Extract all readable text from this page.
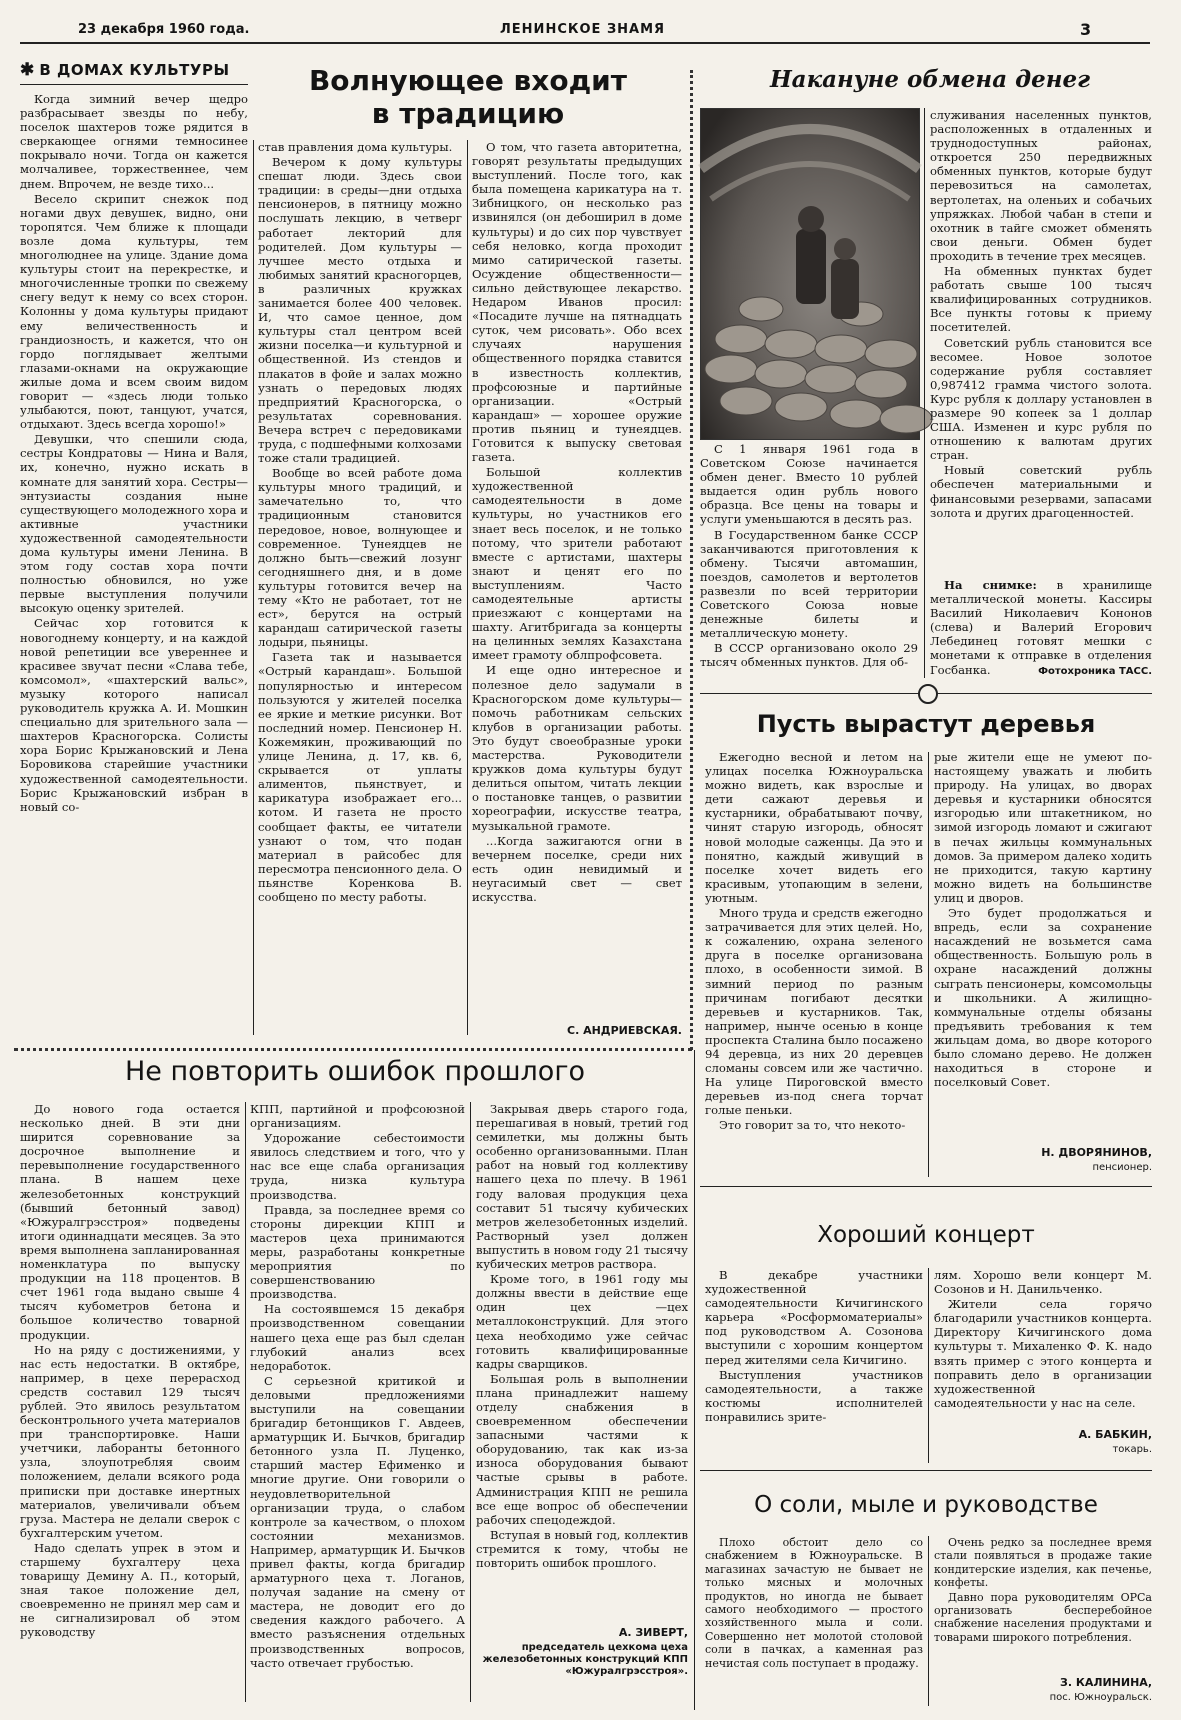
23 декабря 1960 года.	ЛЕНИНСКОЕ ЗНАМЯ	3
✱ В ДОМАХ КУЛЬТУРЫ	Волнующее входит
в традицию

Когда зимний вечер щедро разбрасывает звезды по небу, поселок шахтеров тоже рядится в сверкающее огнями темносинее покрывало ночи. Тогда он кажется молчаливее, торжественнее, чем днем. Впрочем, не везде тихо...

Весело скрипит снежок под ногами двух девушек, видно, они торопятся. Чем ближе к площади возле дома культуры, тем многолюднее на улице. Здание дома культуры стоит на перекрестке, и многочисленные тропки по свежему снегу ведут к нему со всех сторон. Колонны у дома культуры придают ему величественность и грандиозность, и кажется, что он гордо поглядывает желтыми глазами-окнами на окружающие жилые дома и всем своим видом говорит — «здесь люди только улыбаются, поют, танцуют, учатся, отдыхают. Здесь всегда хорошо!»

Девушки, что спешили сюда, сестры Кондратовы — Нина и Валя, их, конечно, нужно искать в комнате для занятий хора. Сестры—энтузиасты создания ныне существующего молодежного хора и активные участники художественной самодеятельности дома культуры имени Ленина. В этом году состав хора почти полностью обновился, но уже первые выступления получили высокую оценку зрителей.

Сейчас хор готовится к новогоднему концерту, и на каждой новой репетиции все увереннее и красивее звучат песни «Слава тебе, комсомол», «шахтерский вальс», музыку которого написал руководитель кружка А. И. Мошкин специально для зрительного зала — шахтеров Красногорска. Солисты хора Борис Крыжановский и Лена Боровикова старейшие участники художественной самодеятельности. Борис Крыжановский избран в новый со-

став правления дома культуры.

Вечером к дому культуры спешат люди. Здесь свои традиции: в среды—дни отдыха пенсионеров, в пятницу можно послушать лекцию, в четверг работает лекторий для родителей. Дом культуры — лучшее место отдыха и любимых занятий красногорцев, в различных кружках занимается более 400 человек. И, что самое ценное, дом культуры стал центром всей жизни поселка—и культурной и общественной. Из стендов и плакатов в фойе и залах можно узнать о передовых людях предприятий Красногорска, о результатах соревнования. Вечера встреч с передовиками труда, с подшефными колхозами тоже стали традицией.

Вообще во всей работе дома культуры много традиций, и замечательно то, что традиционным становится передовое, новое, волнующее и современное. Тунеядцев не должно быть—свежий лозунг сегодняшнего дня, и в доме культуры готовится вечер на тему «Кто не работает, тот не ест», берутся на острый карандаш сатирической газеты лодыри, пьяницы.

Газета так и называется «Острый карандаш». Большой популярностью и интересом пользуются у жителей поселка ее яркие и меткие рисунки. Вот последний номер. Пенсионер Н. Кожемякин, проживающий по улице Ленина, д. 17, кв. 6, скрывается от уплаты алиментов, пьянствует, и карикатура изображает его... котом. И газета не просто сообщает факты, ее читатели узнают о том, что подан материал в райсобес для пересмотра пенсионного дела. О пьянстве Коренкова В. сообщено по месту работы.

О том, что газета авторитетна, говорят результаты предыдущих выступлений. После того, как была помещена карикатура на т. Зибницкого, он несколько раз извинялся (он дебоширил в доме культуры) и до сих пор чувствует себя неловко, когда проходит мимо сатирической газеты. Осуждение общественности— сильно действующее лекарство. Недаром Иванов просил: «Посадите лучше на пятнадцать суток, чем рисовать». Обо всех случаях нарушения общественного порядка ставится в известность коллектив, профсоюзные и партийные организации. «Острый карандаш» — хорошее оружие против пьяниц и тунеядцев. Готовится к выпуску световая газета.

Большой коллектив художественной самодеятельности в доме культуры, но участников его знает весь поселок, и не только потому, что зрители работают вместе с артистами, шахтеры знают и ценят его по выступлениям. Часто самодеятельные артисты приезжают с концертами на шахту. Агитбригада за концерты на целинных землях Казахстана имеет грамоту облпрофсовета.

И еще одно интересное и полезное дело задумали в Красногорском доме культуры—помочь работникам сельских клубов в организации работы. Это будут своеобразные уроки мастерства. Руководители кружков дома культуры будут делиться опытом, читать лекции о постановке танцев, о развитии хореографии, искусстве театра, музыкальной грамоте.

...Когда зажигаются огни в вечернем поселке, среди них есть один невидимый и неугасимый свет — свет искусства.

С. АНДРИЕВСКАЯ.
Накануне обмена денег

С 1 января 1961 года в Советском Союзе начинается обмен денег. Вместо 10 рублей выдается один рубль нового образца. Все цены на товары и услуги уменьшаются в десять раз.

В Государственном банке СССР заканчиваются приготовления к обмену. Тысячи автомашин, поездов, самолетов и вертолетов развезли по всей территории Советского Союза новые денежные билеты и металлическую монету.

В СССР организовано около 29 тысяч обменных пунктов. Для об-

служивания населенных пунктов, расположенных в отдаленных и труднодоступных районах, откроется 250 передвижных обменных пунктов, которые будут перевозиться на самолетах, вертолетах, на оленьих и собачьих упряжках. Любой чабан в степи и охотник в тайге сможет обменять свои деньги. Обмен будет проходить в течение трех месяцев.

На обменных пунктах будет работать свыше 100 тысяч квалифицированных сотрудников. Все пункты готовы к приему посетителей.

Советский рубль становится все весомее. Новое золотое содержание рубля составляет 0,987412 грамма чистого золота. Курс рубля к доллару установлен в размере 90 копеек за 1 доллар США. Изменен и курс рубля по отношению к валютам других стран.

Новый советский рубль обеспечен материальными и финансовыми резервами, запасами золота и других драгоценностей.

На снимке: в хранилище металлической монеты. Кассиры Василий Николаевич Кононов (слева) и Валерий Егорович Лебединец готовят мешки с монетами к отправке в отделения Госбанка.	Фотохроника ТАСС.
Пусть вырастут деревья

Ежегодно весной и летом на улицах поселка Южноуральска можно видеть, как взрослые и дети сажают деревья и кустарники, обрабатывают почву, чинят старую изгородь, обносят новой молодые саженцы. Да это и понятно, каждый живущий в поселке хочет видеть его красивым, утопающим в зелени, уютным.

Много труда и средств ежегодно затрачивается для этих целей. Но, к сожалению, охрана зеленого друга в поселке организована плохо, в особенности зимой. В зимний период по разным причинам погибают десятки деревьев и кустарников. Так, например, нынче осенью в конце проспекта Сталина было посажено 94 деревца, из них 20 деревцев сломаны совсем или же частично. На улице Пироговской вместо деревьев из-под снега торчат голые пеньки.

Это говорит за то, что некото-

рые жители еще не умеют по-настоящему уважать и любить природу. На улицах, во дворах деревья и кустарники обносятся изгородью или штакетником, но зимой изгородь ломают и сжигают в печах жильцы коммунальных домов. За примером далеко ходить не приходится, такую картину можно видеть на большинстве улиц и дворов.

Это будет продолжаться и впредь, если за сохранение насаждений не возьмется сама общественность. Большую роль в охране насаждений должны сыграть пенсионеры, комсомольцы и школьники. А жилищно-коммунальные отделы обязаны предъявить требования к тем жильцам дома, во дворе которого было сломано дерево. Не должен находиться в стороне и поселковый Совет.

Н. ДВОРЯНИНОВ,
пенсионер.
Хороший концерт

В декабре участники художественной самодеятельности Кичигинского карьера «Росформоматериалы» под руководством А. Созонова выступили с хорошим концертом перед жителями села Кичигино.

Выступления участников самодеятельности, а также костюмы исполнителей понравились зрите-

лям. Хорошо вели концерт М. Созонов и Н. Данильченко.

Жители села горячо благодарили участников концерта. Директору Кичигинского дома культуры т. Михаленко Ф. К. надо взять пример с этого концерта и поправить дело в организации художественной самодеятельности у нас на селе.

А. БАБКИН,
токарь.
О соли, мыле и руководстве

Плохо обстоит дело со снабжением в Южноуральске. В магазинах зачастую не бывает не только мясных и молочных продуктов, но иногда не бывает самого необходимого — простого хозяйственного мыла и соли. Совершенно нет молотой столовой соли в пачках, а каменная раз нечистая соль поступает в продажу.

Очень редко за последнее время стали появляться в продаже такие кондитерские изделия, как печенье, конфеты.

Давно пора руководителям ОРСа организовать бесперебойное снабжение населения продуктами и товарами широкого потребления.

З. КАЛИНИНА,
пос. Южноуральск.
Не повторить ошибок прошлого

До нового года остается несколько дней. В эти дни ширится соревнование за досрочное выполнение и перевыполнение государственного плана. В нашем цехе железобетонных конструкций (бывший бетонный завод) «Южуралгрэсстроя» подведены итоги одиннадцати месяцев. За это время выполнена запланированная номенклатура по выпуску продукции на 118 процентов. В счет 1961 года выдано свыше 4 тысяч кубометров бетона и большое количество товарной продукции.

Но на ряду с достижениями, у нас есть недостатки. В октябре, например, в цехе перерасход средств составил 129 тысяч рублей. Это явилось результатом бесконтрольного учета материалов при транспортировке. Наши учетчики, лаборанты бетонного узла, злоупотребляя своим положением, делали всякого рода приписки при доставке инертных материалов, увеличивали объем груза. Мастера не делали сверок с бухгалтерским учетом.

Надо сделать упрек в этом и старшему бухгалтеру цеха товарищу Демину А. П., который, зная такое положение дел, своевременно не принял мер сам и не сигнализировал об этом руководству

КПП, партийной и профсоюзной организациям.

Удорожание себестоимости явилось следствием и того, что у нас все еще слаба организация труда, низка культура производства.

Правда, за последнее время со стороны дирекции КПП и мастеров цеха принимаются меры, разработаны конкретные мероприятия по совершенствованию производства.

На состоявшемся 15 декабря производственном совещании нашего цеха еще раз был сделан глубокий анализ всех недоработок.

С серьезной критикой и деловыми предложениями выступили на совещании бригадир бетонщиков Г. Авдеев, арматурщик И. Бычков, бригадир бетонного узла П. Луценко, старший мастер Ефименко и многие другие. Они говорили о неудовлетворительной организации труда, о слабом контроле за качеством, о плохом состоянии механизмов. Например, арматурщик И. Бычков привел факты, когда бригадир арматурного цеха т. Логанов, получая задание на смену от мастера, не доводит его до сведения каждого рабочего. А вместо разъяснения отдельных производственных вопросов, часто отвечает грубостью.

Закрывая дверь старого года, перешагивая в новый, третий год семилетки, мы должны быть особенно организованными. План работ на новый год коллективу нашего цеха по плечу. В 1961 году валовая продукция цеха составит 51 тысячу кубических метров железобетонных изделий. Растворный узел должен выпустить в новом году 21 тысячу кубических метров раствора.

Кроме того, в 1961 году мы должны ввести в действие еще один цех —цех металлоконструкций. Для этого цеха необходимо уже сейчас готовить квалифицированные кадры сварщиков.

Большая роль в выполнении плана принадлежит нашему отделу снабжения в своевременном обеспечении запасными частями к оборудованию, так как из-за износа оборудования бывают частые срывы в работе. Администрация КПП не решила все еще вопрос об обеспечении рабочих спецодеждой.

Вступая в новый год, коллектив стремится к тому, чтобы не повторить ошибок прошлого.

А. ЗИВЕРТ,
председатель цехкома цеха железобетонных конструкций КПП «Южуралгрэсстроя».
